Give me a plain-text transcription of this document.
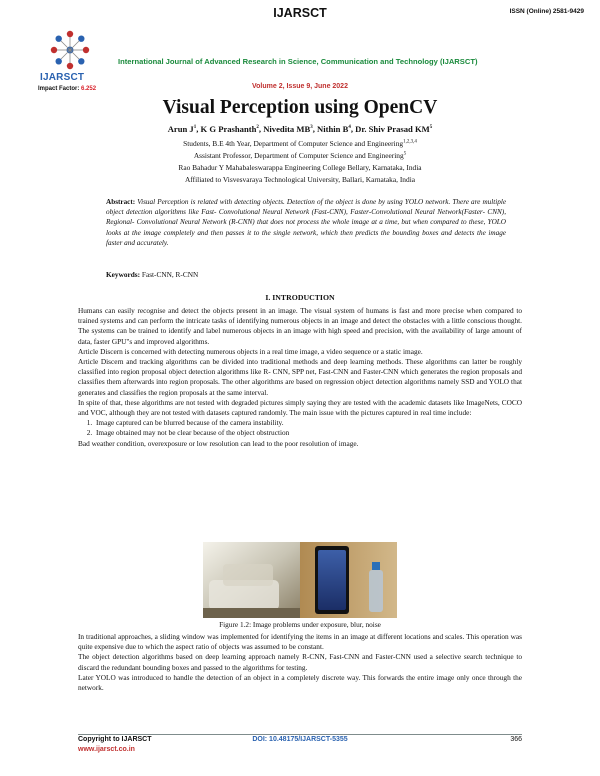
IJARSCT	ISSN (Online) 2581-9429
IJARSCT
Impact Factor: 6.252
International Journal of Advanced Research in Science, Communication and Technology (IJARSCT)
Volume 2, Issue 9, June 2022
Visual Perception using OpenCV
Arun $J^1$, K G Prashanth$^2$, Nivedita $MB^3$, Nithin $B^4$, Dr. Shiv Prasad $KM^5$
Students, B.E 4th Year, Department of Computer Science and Engineering$^{1,2,3,4}$
Assistant Professor, Department of Computer Science and Engineering$^5$
Rao Bahadur Y Mahabaleswarappa Engineering College Bellary, Karnataka, India
Affiliated to Visvesvaraya Technological University, Ballari, Karnataka, India
Abstract: Visual Perception is related with detecting objects. Detection of the object is done by using YOLO network. There are multiple object detection algorithms like Fast- Convolutional Neural Network (Fast-CNN), Faster-Convolutional Neural Network(Faster- CNN), Regional- Convolutional Neural Network (R-CNN) that does not process the whole image at a time, but when compared to these, YOLO looks at the image completely and then passes it to the single network, which then predicts the bounding boxes and detects the image faster and accurately.
Keywords: Fast-CNN, R-CNN
I. INTRODUCTION

Humans can easily recognise and detect the objects present in an image. The visual system of humans is fast and more precise when compared to trained systems and can perform the intricate tasks of identifying numerous objects in an image and detect the obstacles with a little conscious thought. The systems can be trained to identify and label numerous objects in an image with high speed and precision, with the availability of large amount of data, faster GPU"s and improved algorithms.

Article Discern is concerned with detecting numerous objects in a real time image, a video sequence or a static image.

Article Discern and tracking algorithms can be divided into traditional methods and deep learning methods. These algorithms can latter be roughly classified into region proposal object detection algorithms like R- CNN, SPP net, Fast-CNN and Faster-CNN which generates the region proposals and classifies them afterwards into region proposals. The other algorithms are based on regression object detection algorithms namely SSD and YOLO that generates and classifies the region proposals at the same interval.

In spite of that, these algorithms are not tested with degraded pictures simply saying they are tested with the academic datasets like ImageNets, COCO and VOC, although they are not tested with datasets captured randomly. The main issue with the pictures captured in real time include:

1. Image captured can be blurred because of the camera instability.
2. Image obtained may not be clear because of the object obstruction

Bad weather condition, overexposure or low resolution can lead to the poor resolution of image.

Figure 1.2: Image problems under exposure, blur, noise

In traditional approaches, a sliding window was implemented for identifying the items in an image at different locations and scales. This operation was quite expensive due to which the aspect ratio of objects was assumed to be constant.

The object detection algorithms based on deep learning approach namely R-CNN, Fast-CNN and Faster-CNN used a selective search technique to discard the redundant bounding boxes and passed to the algorithms for testing.

Later YOLO was introduced to handle the detection of an object in a completely discrete way. This forwards the entire image only once through the network.

Copyright to IJARSCT
www.ijarsct.co.in
DOI: 10.48175/IJARSCT-5355	366
